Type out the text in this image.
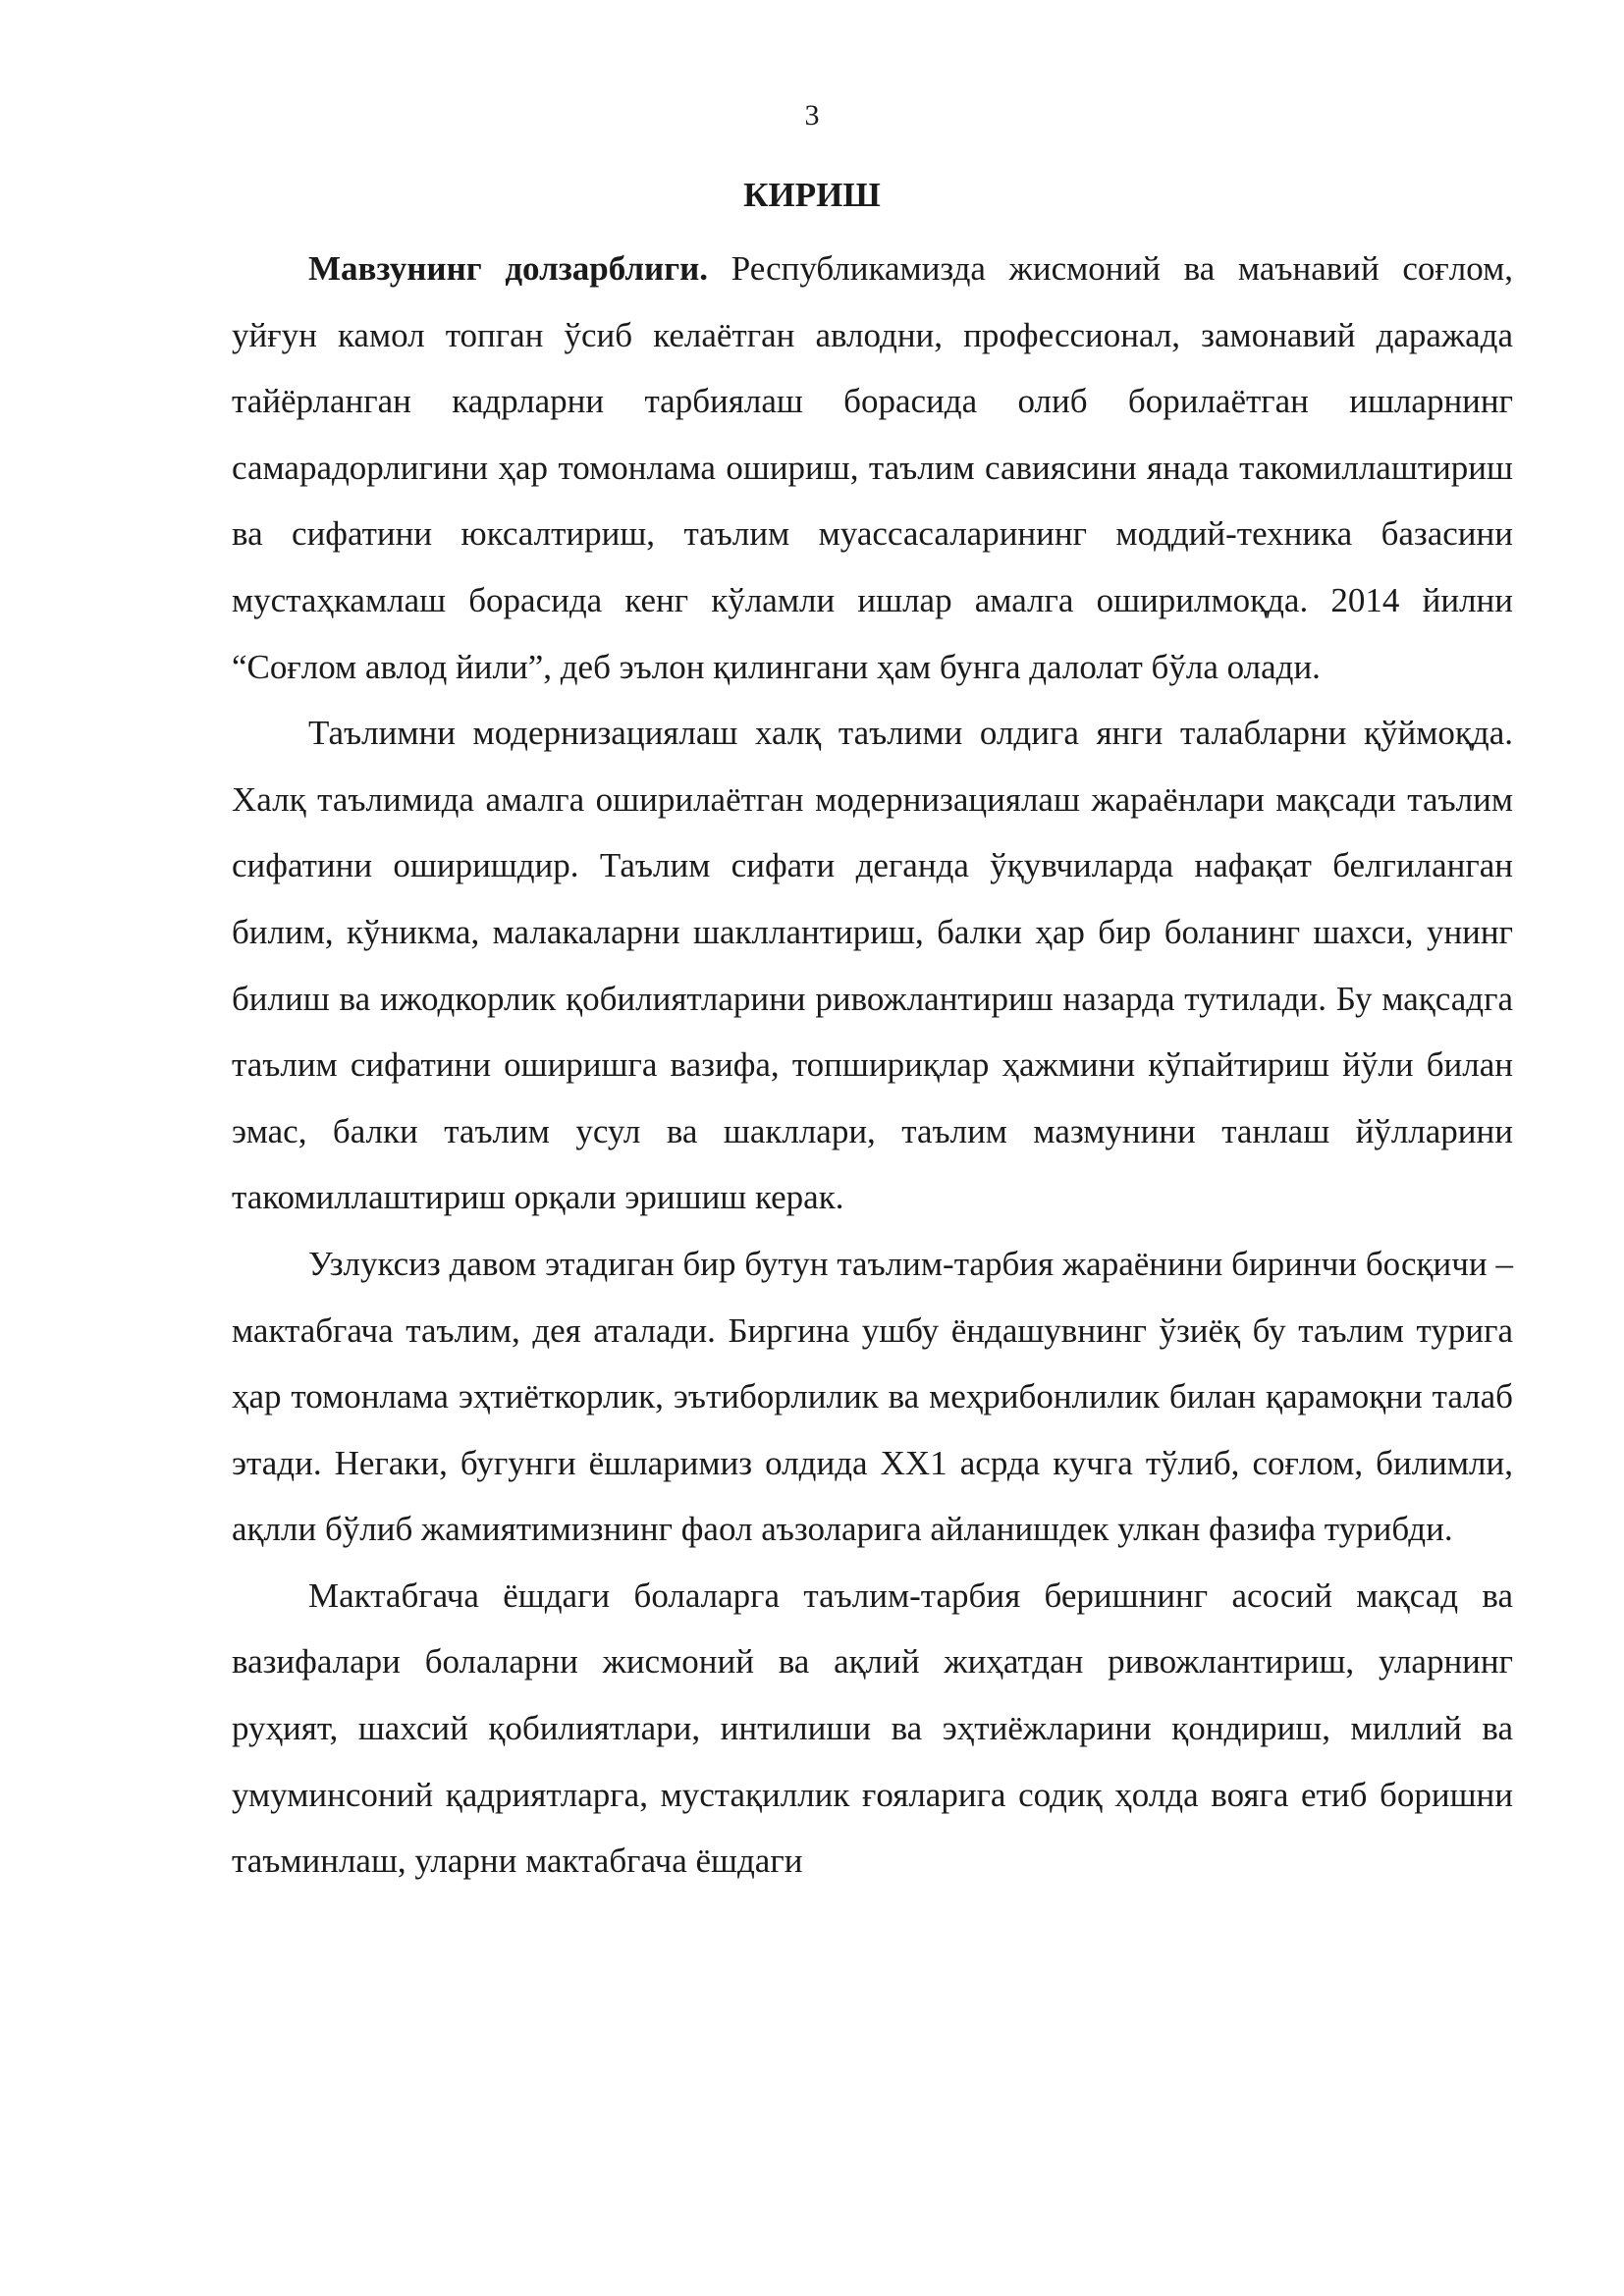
3
КИРИШ

Мавзунинг долзарблиги. Республикамизда жисмоний ва маънавий соғлом, уйғун камол топган ўсиб келаётган авлодни, профессионал, замонавий даражада тайёрланган кадрларни тарбиялаш борасида олиб борилаётган ишларнинг самарадорлигини ҳар томонлама ошириш, таълим савиясини янада такомиллаштириш ва сифатини юксалтириш, таълим муассасаларининг моддий-техника базасини мустаҳкамлаш борасида кенг кўламли ишлар амалга оширилмоқда. 2014 йилни “Соғлом авлод йили”, деб эълон қилингани ҳам бунга далолат бўла олади.

Таълимни модернизациялаш халқ таълими олдига янги талабларни қўймоқда. Халқ таълимида амалга оширилаётган модернизациялаш жараёнлари мақсади таълим сифатини оширишдир. Таълим сифати деганда ўқувчиларда нафақат белгиланган билим, кўникма, малакаларни шакллантириш, балки ҳар бир боланинг шахси, унинг билиш ва ижодкорлик қобилиятларини ривожлантириш назарда тутилади. Бу мақсадга таълим сифатини оширишга вазифа, топшириқлар ҳажмини кўпайтириш йўли билан эмас, балки таълим усул ва шакллари, таълим мазмунини танлаш йўлларини такомиллаштириш орқали эришиш керак.

Узлуксиз давом этадиган бир бутун таълим-тарбия жараёнини биринчи босқичи – мактабгача таълим, дея аталади. Биргина ушбу ёндашувнинг ўзиёқ бу таълим турига ҳар томонлама эҳтиёткорлик, эътиборлилик ва меҳрибонлилик билан қарамоқни талаб этади. Негаки, бугунги ёшларимиз олдида XX1 асрда кучга тўлиб, соғлом, билимли, ақлли бўлиб жамиятимизнинг фаол аъзоларига айланишдек улкан фазифа турибди.

Мактабгача ёшдаги болаларга таълим-тарбия беришнинг асосий мақсад ва вазифалари болаларни жисмоний ва ақлий жиҳатдан ривожлантириш, уларнинг руҳият, шахсий қобилиятлари, интилиши ва эҳтиёжларини қондириш, миллий ва умуминсоний қадриятларга, мустақиллик ғояларига содиқ ҳолда вояга етиб боришни таъминлаш, уларни мактабгача ёшдаги
